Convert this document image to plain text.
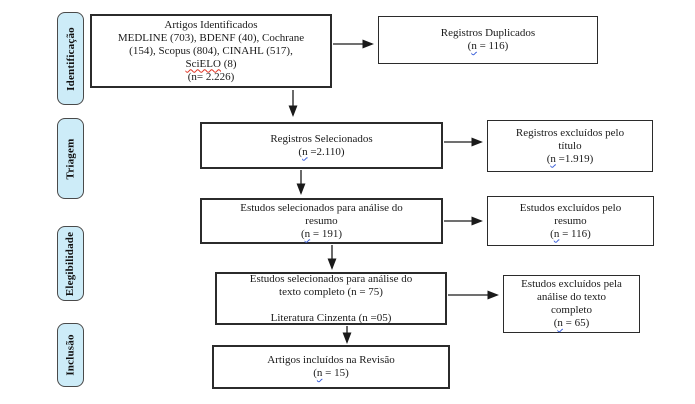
Identificação
Triagem
Elegibilidade
Inclusão
Artigos Identificados
MEDLINE (703), BDENF (40), Cochrane
(154), Scopus (804), CINAHL (517),
SciELO (8)
(n= 2.226)
Registros Duplicados
(n = 116)
Registros Selecionados
(n =2.110)
Registros excluídos pelo
título
(n =1.919)
Estudos selecionados para análise do
resumo
(n = 191)
Estudos excluídos pelo
resumo
(n = 116)
Estudos selecionados para análise do
texto completo (n = 75)
Literatura Cinzenta (n =05)
Estudos excluídos pela
análise do texto
completo
(n = 65)
Artigos incluídos na Revisão
(n = 15)
